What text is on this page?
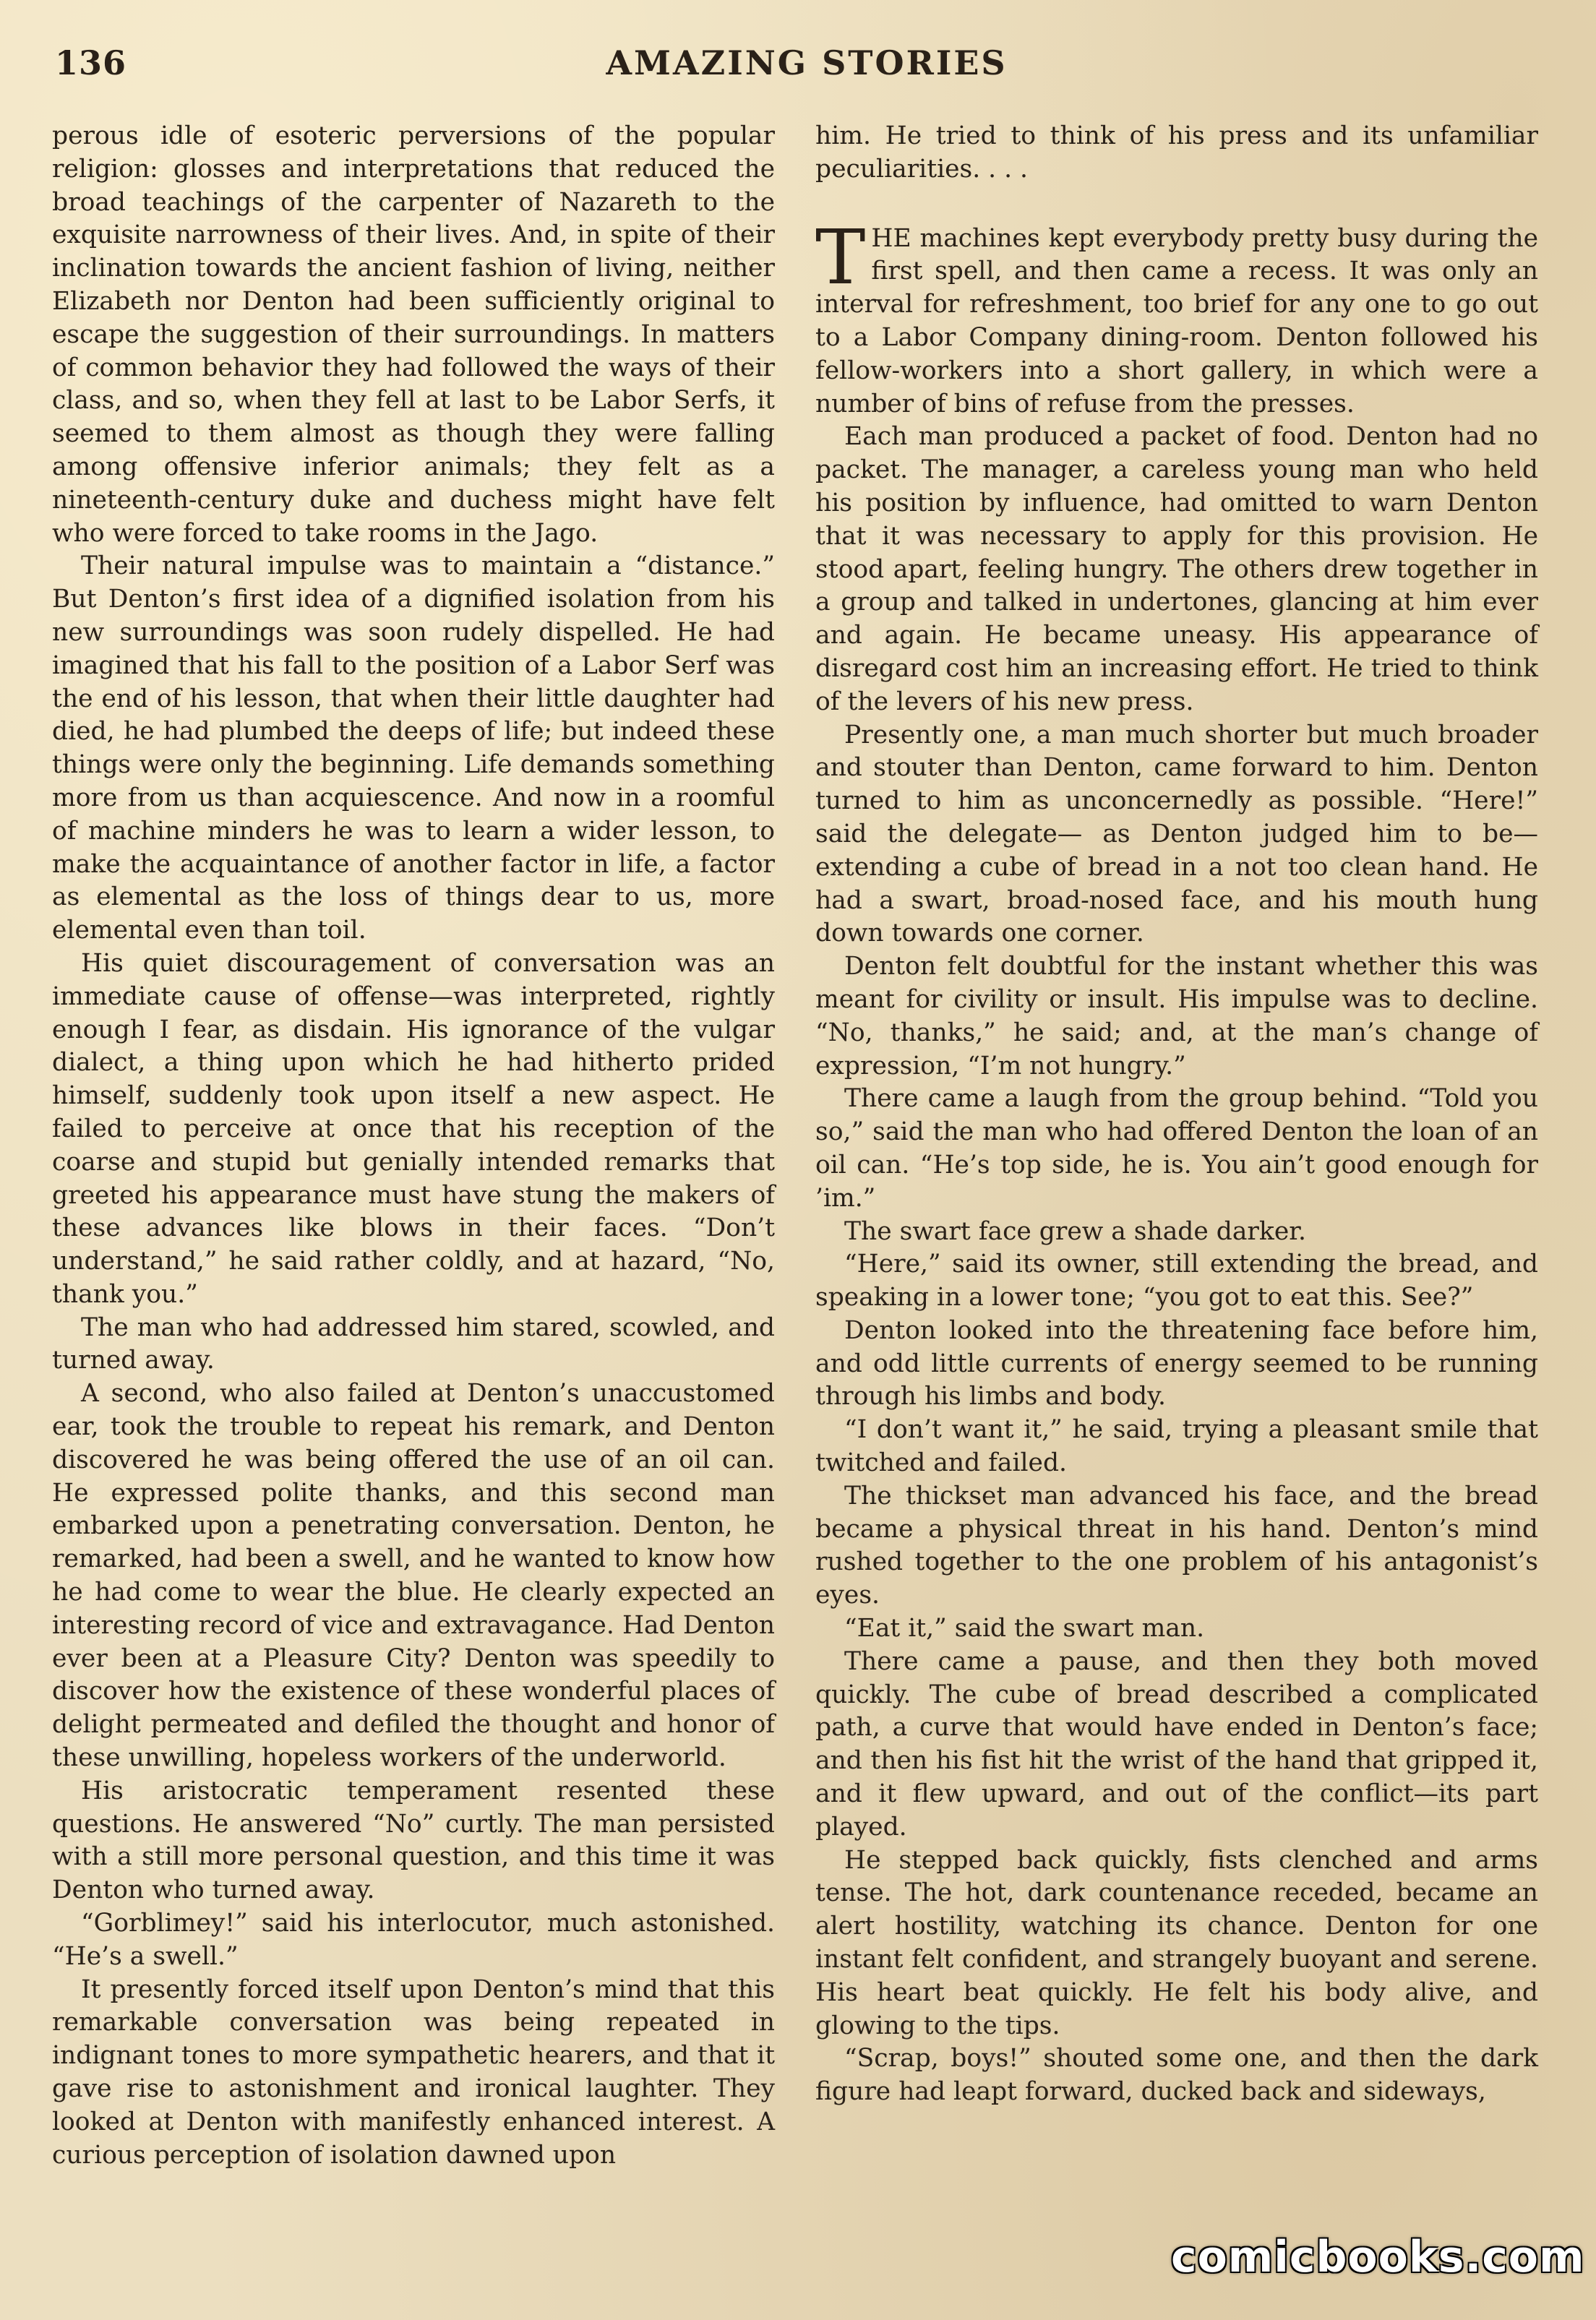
136	AMAZING STORIES

perous idle of esoteric perversions of the popular religion: glosses and interpretations that reduced the broad teachings of the carpenter of Nazareth to the exquisite narrowness of their lives. And, in spite of their inclination towards the ancient fashion of living, neither Elizabeth nor Denton had been sufficiently original to escape the suggestion of their surroundings. In matters of common behavior they had followed the ways of their class, and so, when they fell at last to be Labor Serfs, it seemed to them almost as though they were falling among offensive inferior animals; they felt as a nineteenth-century duke and duchess might have felt who were forced to take rooms in the Jago.

Their natural impulse was to maintain a “distance.” But Denton’s first idea of a dignified isolation from his new surroundings was soon rudely dispelled. He had imagined that his fall to the position of a Labor Serf was the end of his lesson, that when their little daughter had died, he had plumbed the deeps of life; but indeed these things were only the beginning. Life demands something more from us than acquiescence. And now in a roomful of machine minders he was to learn a wider lesson, to make the acquaintance of another factor in life, a factor as elemental as the loss of things dear to us, more elemental even than toil.

His quiet discouragement of conversation was an immediate cause of offense—was interpreted, rightly enough I fear, as disdain. His ignorance of the vulgar dialect, a thing upon which he had hitherto prided himself, suddenly took upon itself a new aspect. He failed to perceive at once that his reception of the coarse and stupid but genially intended remarks that greeted his appearance must have stung the makers of these advances like blows in their faces. “Don’t understand,” he said rather coldly, and at hazard, “No, thank you.”

The man who had addressed him stared, scowled, and turned away.

A second, who also failed at Denton’s unaccustomed ear, took the trouble to repeat his remark, and Denton discovered he was being offered the use of an oil can. He expressed polite thanks, and this second man embarked upon a penetrating conversation. Denton, he remarked, had been a swell, and he wanted to know how he had come to wear the blue. He clearly expected an interesting record of vice and extravagance. Had Denton ever been at a Pleasure City? Denton was speedily to discover how the existence of these wonderful places of delight permeated and defiled the thought and honor of these unwilling, hopeless workers of the underworld.

His aristocratic temperament resented these questions. He answered “No” curtly. The man persisted with a still more personal question, and this time it was Denton who turned away.

“Gorblimey!” said his interlocutor, much astonished. “He’s a swell.”

It presently forced itself upon Denton’s mind that this remarkable conversation was being repeated in indignant tones to more sympathetic hearers, and that it gave rise to astonishment and ironical laughter. They looked at Denton with manifestly enhanced interest. A curious perception of isolation dawned upon

him. He tried to think of his press and its unfamiliar peculiarities. . . .

THE machines kept everybody pretty busy during the first spell, and then came a recess. It was only an interval for refreshment, too brief for any one to go out to a Labor Company dining-room. Denton followed his fellow-workers into a short gallery, in which were a number of bins of refuse from the presses.

Each man produced a packet of food. Denton had no packet. The manager, a careless young man who held his position by influence, had omitted to warn Denton that it was necessary to apply for this provision. He stood apart, feeling hungry. The others drew together in a group and talked in undertones, glancing at him ever and again. He became uneasy. His appearance of disregard cost him an increasing effort. He tried to think of the levers of his new press.

Presently one, a man much shorter but much broader and stouter than Denton, came forward to him. Denton turned to him as unconcernedly as possible. “Here!” said the delegate— as Denton judged him to be—extending a cube of bread in a not too clean hand. He had a swart, broad-nosed face, and his mouth hung down towards one corner.

Denton felt doubtful for the instant whether this was meant for civility or insult. His impulse was to decline. “No, thanks,” he said; and, at the man’s change of expression, “I’m not hungry.”

There came a laugh from the group behind. “Told you so,” said the man who had offered Denton the loan of an oil can. “He’s top side, he is. You ain’t good enough for ’im.”

The swart face grew a shade darker.

“Here,” said its owner, still extending the bread, and speaking in a lower tone; “you got to eat this. See?”

Denton looked into the threatening face before him, and odd little currents of energy seemed to be running through his limbs and body.

“I don’t want it,” he said, trying a pleasant smile that twitched and failed.

The thickset man advanced his face, and the bread became a physical threat in his hand. Denton’s mind rushed together to the one problem of his antagonist’s eyes.

“Eat it,” said the swart man.

There came a pause, and then they both moved quickly. The cube of bread described a complicated path, a curve that would have ended in Denton’s face; and then his fist hit the wrist of the hand that gripped it, and it flew upward, and out of the conflict—its part played.

He stepped back quickly, fists clenched and arms tense. The hot, dark countenance receded, became an alert hostility, watching its chance. Denton for one instant felt confident, and strangely buoyant and serene. His heart beat quickly. He felt his body alive, and glowing to the tips.

“Scrap, boys!” shouted some one, and then the dark figure had leapt forward, ducked back and sideways,

comicbooks.com
